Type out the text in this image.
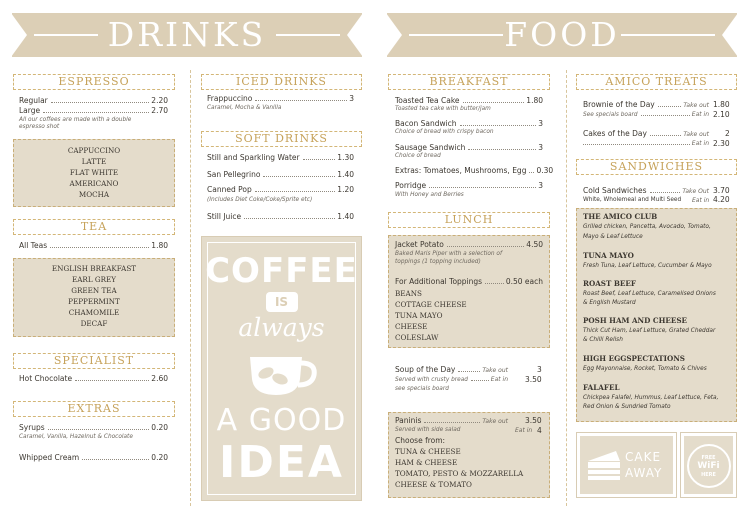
DRINKS	FOOD
ESPRESSO
Regular	2.20
Large	2.70
All our coffees are made with a double
espresso shot
CAPPUCCINO
LATTE
FLAT WHITE
AMERICANO
MOCHA
TEA
All Teas	1.80
ENGLISH BREAKFAST
EARL GREY
GREEN TEA
PEPPERMINT
CHAMOMILE
DECAF
SPECIALIST
Hot Chocolate	2.60
EXTRAS
Syrups	0.20
Caramel, Vanilla, Hazelnut & Chocolate
Whipped Cream	0.20
ICED DRINKS
Frappuccino	3
Caramel, Mocha & Vanilla
SOFT DRINKS
Still and Sparkling Water	1.30
San Pellegrino	1.40
Canned Pop	1.20
(Includes Diet Coke/Coke/Sprite etc)
Still Juice	1.40
COFFEE
IS
always
A GOOD
IDEA
BREAKFAST
Toasted Tea Cake	1.80
Toasted tea cake with butter/jam
Bacon Sandwich	3
Choice of bread with crispy bacon
Sausage Sandwich	3
Choice of bread
Extras: Tomatoes, Mushrooms, Egg 0.30
Porridge	3
With Honey and Berries
LUNCH
Jacket Potato	4.50
Baked Maris Piper with a selection of
toppings (1 topping included)
For Additional Toppings	0.50 each
BEANS
COTTAGE CHEESE
TUNA MAYO
CHEESE
COLESLAW
Soup of the Day	Take out	3
Served with crusty bread	Eat in 3.50
see specials board
Paninis	Take out 3.50
Served with side salad	Eat in 4
Choose from:
TUNA & CHEESE
HAM & CHEESE
TOMATO, PESTO & MOZZARELLA
CHEESE & TOMATO
AMICO TREATS
Brownie of the Day	Take out 1.80
See specials board	Eat in 2.10
Cakes of the Day	Take out 2
Eat in 2.30
SANDWICHES
Cold Sandwiches	Take Out 3.70
White, Wholemeal and Multi Seed Eat in 4.20
THE AMICO CLUB
Grilled chicken, Pancetta, Avocado, Tomato,
Mayo & Leaf Lettuce
TUNA MAYO
Fresh Tuna, Leaf Lettuce, Cucumber & Mayo
ROAST BEEF
Roast Beef, Leaf Lettuce, Caramelised Onions
& English Mustard
POSH HAM AND CHEESE
Thick Cut Ham, Leaf Lettuce, Grated Cheddar
& Chilli Relish
HIGH EGGSPECTATIONS
Egg Mayonnaise, Rocket, Tomato & Chives
FALAFEL
Chickpea Falafel, Hummus, Leaf Lettuce, Feta,
Red Onion & Sundried Tomato
CAKE
AWAY
FREE
WiFi
HERE
